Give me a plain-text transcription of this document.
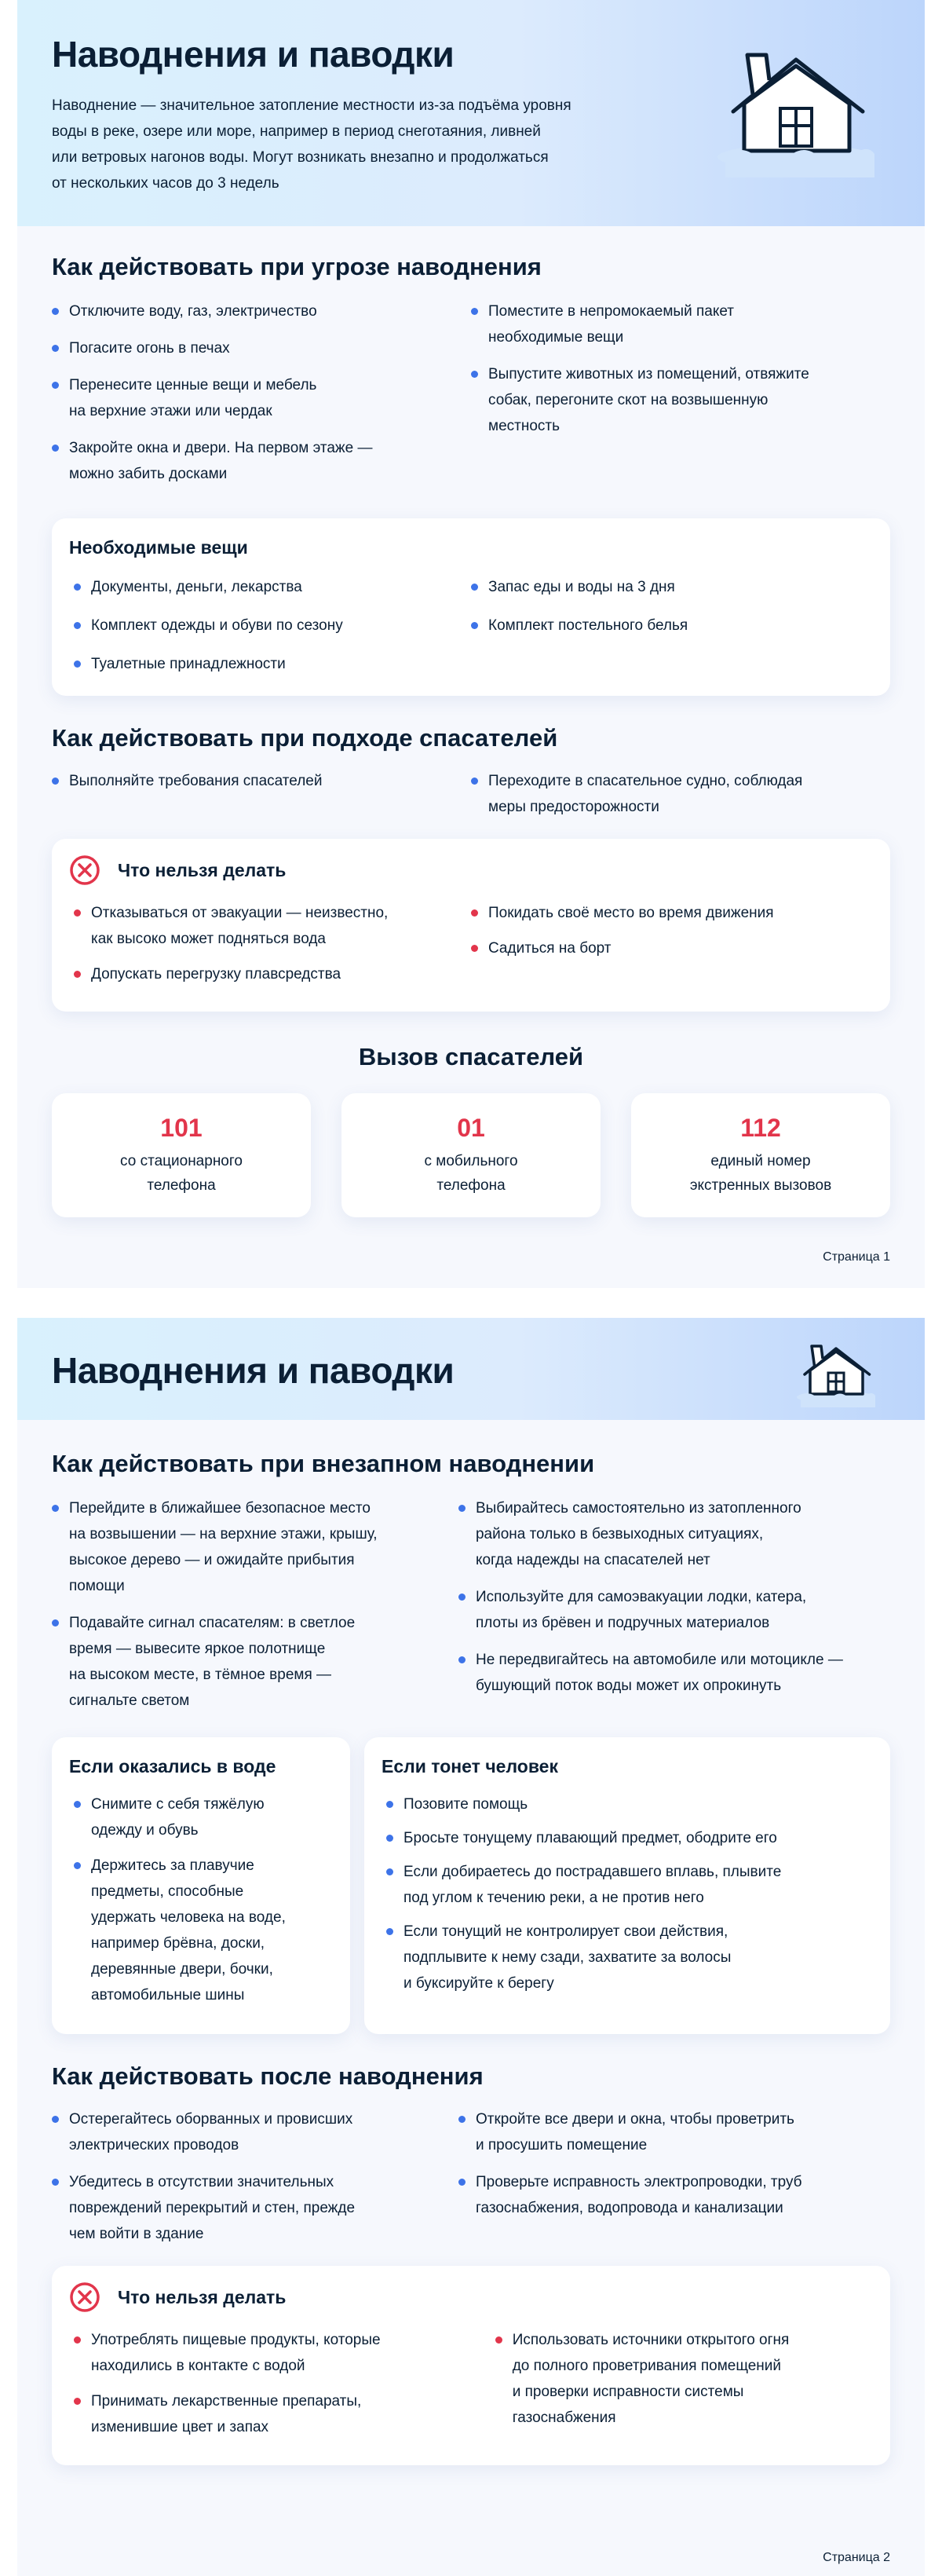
Наводнения и паводки
Наводнение — значительное затопление местности из-за подъёма уровня
воды в реке, озере или море, например в период снеготаяния, ливней
или ветровых нагонов воды. Могут возникать внезапно и продолжаться
от нескольких часов до 3 недель
Как действовать при угрозе наводнения
Отключите воду, газ, электричество
Погасите огонь в печах
Перенесите ценные вещи и мебель
на верхние этажи или чердак
Закройте окна и двери. На первом этаже —
можно забить досками
Поместите в непромокаемый пакет
необходимые вещи
Выпустите животных из помещений, отвяжите
собак, перегоните скот на возвышенную
местность
Необходимые вещи
Документы, деньги, лекарства
Комплект одежды и обуви по сезону
Туалетные принадлежности
Запас еды и воды на 3 дня
Комплект постельного белья
Как действовать при подходе спасателей
Выполняйте требования спасателей	Переходите в спасательное судно, соблюдая
меры предосторожности
Что нельзя делать
Отказываться от эвакуации — неизвестно,
как высоко может подняться вода
Допускать перегрузку плавсредства
Покидать своё место во время движения
Садиться на борт
Вызов спасателей
101
со стационарного
телефона
01
с мобильного
телефона
112
единый номер
экстренных вызовов
Страница 1
Наводнения и паводки
Как действовать при внезапном наводнении
Перейдите в ближайшее безопасное место
на возвышении — на верхние этажи, крышу,
высокое дерево — и ожидайте прибытия
помощи
Подавайте сигнал спасателям: в светлое
время — вывесите яркое полотнище
на высоком месте, в тёмное время —
сигнальте светом
Выбирайтесь самостоятельно из затопленного
района только в безвыходных ситуациях,
когда надежды на спасателей нет
Используйте для самоэвакуации лодки, катера,
плоты из брёвен и подручных материалов
Не передвигайтесь на автомобиле или мотоцикле —
бушующий поток воды может их опрокинуть
Если оказались в воде
Снимите с себя тяжёлую
одежду и обувь
Держитесь за плавучие
предметы, способные
удержать человека на воде,
например брёвна, доски,
деревянные двери, бочки,
автомобильные шины
Если тонет человек
Позовите помощь
Бросьте тонущему плавающий предмет, ободрите его
Если добираетесь до пострадавшего вплавь, плывите
под углом к течению реки, а не против него
Если тонущий не контролирует свои действия,
подплывите к нему сзади, захватите за волосы
и буксируйте к берегу
Как действовать после наводнения
Остерегайтесь оборванных и провисших
электрических проводов
Убедитесь в отсутствии значительных
повреждений перекрытий и стен, прежде
чем войти в здание
Откройте все двери и окна, чтобы проветрить
и просушить помещение
Проверьте исправность электропроводки, труб
газоснабжения, водопровода и канализации
Что нельзя делать
Употреблять пищевые продукты, которые
находились в контакте с водой
Принимать лекарственные препараты,
изменившие цвет и запах
Использовать источники открытого огня
до полного проветривания помещений
и проверки исправности системы
газоснабжения
Страница 2
